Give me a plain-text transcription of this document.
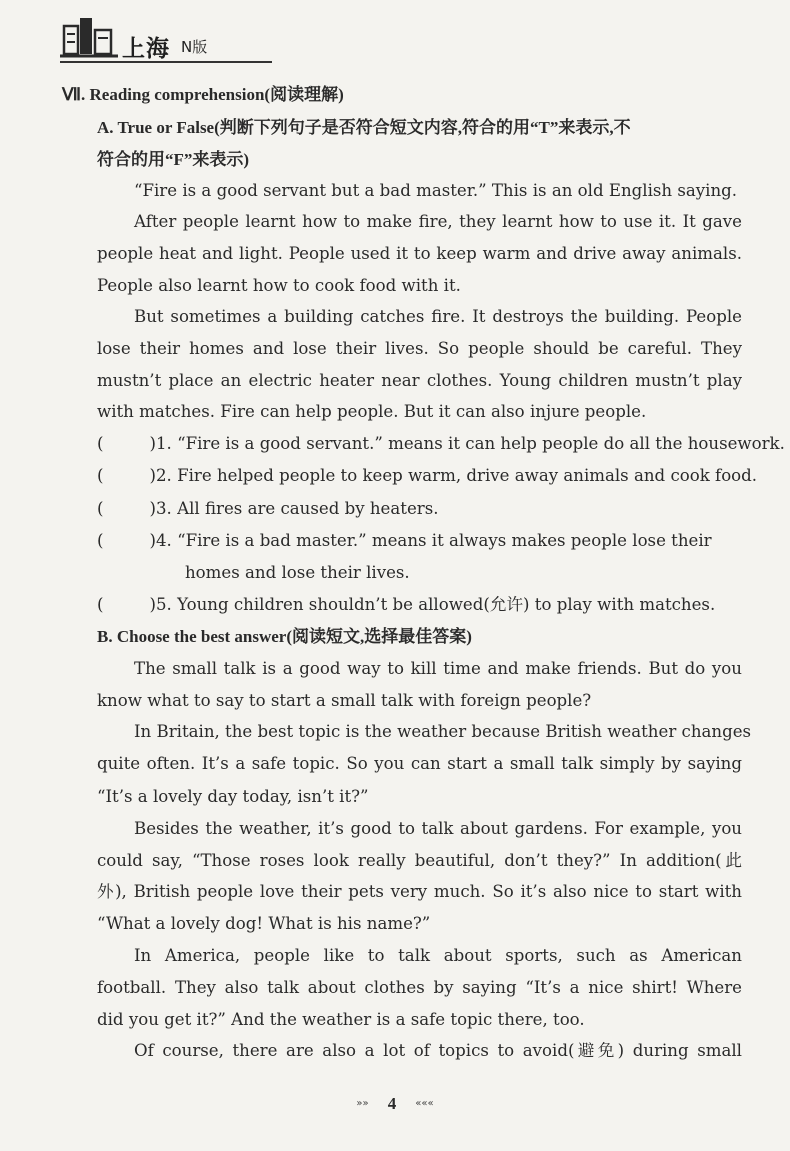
上海 N版
Ⅶ. Reading comprehension(阅读理解)
A. True or False(判断下列句子是否符合短文内容,符合的用“T”来表示,不
符合的用“F”来表示)
“Fire is a good servant but a bad master.” This is an old English saying.
After people learnt how to make fire, they learnt how to use it. It gave
people heat and light. People used it to keep warm and drive away animals.
People also learnt how to cook food with it.
But sometimes a building catches fire. It destroys the building. People
lose their homes and lose their lives. So people should be careful. They
mustn’t place an electric heater near clothes. Young children mustn’t play
with matches. Fire can help people. But it can also injure people.
(	)1. “Fire is a good servant.” means it can help people do all the housework.
(	)2. Fire helped people to keep warm, drive away animals and cook food.
(	)3. All fires are caused by heaters.
(	)4. “Fire is a bad master.” means it always makes people lose their
homes and lose their lives.
(	)5. Young children shouldn’t be allowed(允许) to play with matches.
B. Choose the best answer(阅读短文,选择最佳答案)
The small talk is a good way to kill time and make friends. But do you
know what to say to start a small talk with foreign people?
In Britain, the best topic is the weather because British weather changes
quite often. It’s a safe topic. So you can start a small talk simply by saying
“It’s a lovely day today, isn’t it?”
Besides the weather, it’s good to talk about gardens. For example, you
could say, “Those roses look really beautiful, don’t they?” In addition(此
外), British people love their pets very much. So it’s also nice to start with
“What a lovely dog! What is his name?”
In America, people like to talk about sports, such as American
football. They also talk about clothes by saying “It’s a nice shirt! Where
did you get it?” And the weather is a safe topic there, too.
Of course, there are also a lot of topics to avoid(避免) during small
»» 4 «««
